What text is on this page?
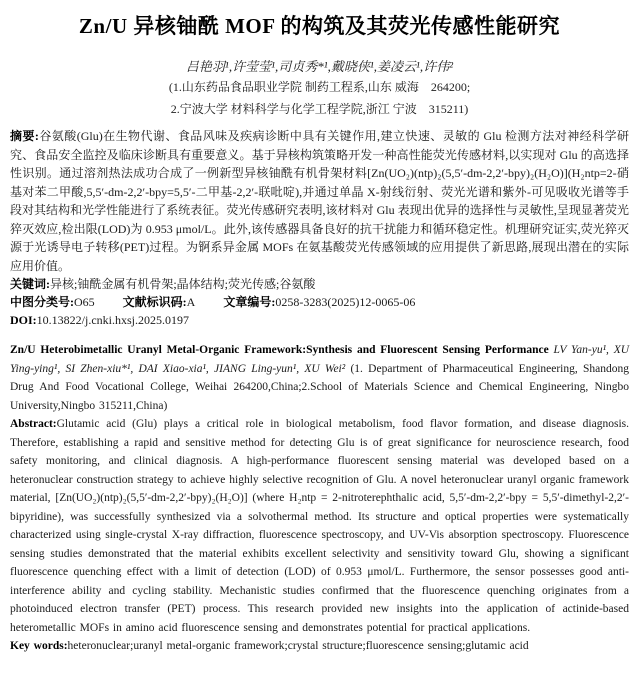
Zn/U 异核铀酰 MOF 的构筑及其荧光传感性能研究
吕艳羽¹,许莹莹¹,司贞秀*¹,戴晓侠¹,姜凌云¹,许伟²
(1.山东药品食品职业学院 制药工程系,山东 威海　264200;
2.宁波大学 材料科学与化学工程学院,浙江 宁波　315211)

摘要:谷氨酸(Glu)在生物代谢、食品风味及疾病诊断中具有关键作用,建立快速、灵敏的 Glu 检测方法对神经科学研究、食品安全监控及临床诊断具有重要意义。基于异核构筑策略开发一种高性能荧光传感材料,以实现对 Glu 的高选择性识别。通过溶剂热法成功合成了一例新型异核铀酰有机骨架材料[Zn(UO₂)(ntp)₂(5,5′-dm-2,2′-bpy)₂(H₂O)](H₂ntp=2-硝基对苯二甲酸,5,5′-dm-2,2′-bpy=5,5′-二甲基-2,2′-联吡啶),并通过单晶 X-射线衍射、荧光光谱和紫外-可见吸收光谱等手段对其结构和光学性能进行了系统表征。荧光传感研究表明,该材料对 Glu 表现出优异的选择性与灵敏性,呈现显著荧光猝灭效应,检出限(LOD)为 0.953 μmol/L。此外,该传感器具备良好的抗干扰能力和循环稳定性。机理研究证实,荧光猝灭源于光诱导电子转移(PET)过程。为锕系异金属 MOFs 在氨基酸荧光传感领域的应用提供了新思路,展现出潜在的实际应用价值。

关键词:异核;铀酰金属有机骨架;晶体结构;荧光传感;谷氨酸

中图分类号:O65 文献标识码:A 文章编号:0258-3283(2025)12-0065-06

DOI:10.13822/j.cnki.hxsj.2025.0197

Zn/U Heterobimetallic Uranyl Metal-Organic Framework:Synthesis and Fluorescent Sensing Performance LV Yan-yu¹, XU Ying-ying¹, SI Zhen-xiu*¹, DAI Xiao-xia¹, JIANG Ling-yun¹, XU Wei² (1. Department of Pharmaceutical Engineering, Shandong Drug And Food Vocational College, Weihai 264200,China;2.School of Materials Science and Chemical Engineering, Ningbo University,Ningbo 315211,China)

Abstract:Glutamic acid (Glu) plays a critical role in biological metabolism, food flavor formation, and disease diagnosis. Therefore, establishing a rapid and sensitive method for detecting Glu is of great significance for neuroscience research, food safety monitoring, and clinical diagnosis. A high-performance fluorescent sensing material was developed based on a heteronuclear construction strategy to achieve highly selective recognition of Glu. A novel heteronuclear uranyl organic framework material, [Zn(UO₂)(ntp)₂(5,5′-dm-2,2′-bpy)₂(H₂O)] (where H₂ntp = 2-nitroterephthalic acid, 5,5′-dm-2,2′-bpy = 5,5′-dimethyl-2,2′-bipyridine), was successfully synthesized via a solvothermal method. Its structure and optical properties were systematically characterized using single-crystal X-ray diffraction, fluorescence spectroscopy, and UV-Vis absorption spectroscopy. Fluorescence sensing studies demonstrated that the material exhibits excellent selectivity and sensitivity toward Glu, showing a significant fluorescence quenching effect with a limit of detection (LOD) of 0.953 μmol/L. Furthermore, the sensor possesses good anti-interference ability and cycling stability. Mechanistic studies confirmed that the fluorescence quenching originates from a photoinduced electron transfer (PET) process. This research provided new insights into the application of actinide-based heterometallic MOFs in amino acid fluorescence sensing and demonstrates potential for practical applications.

Key words:heteronuclear;uranyl metal-organic framework;crystal structure;fluorescence sensing;glutamic acid
